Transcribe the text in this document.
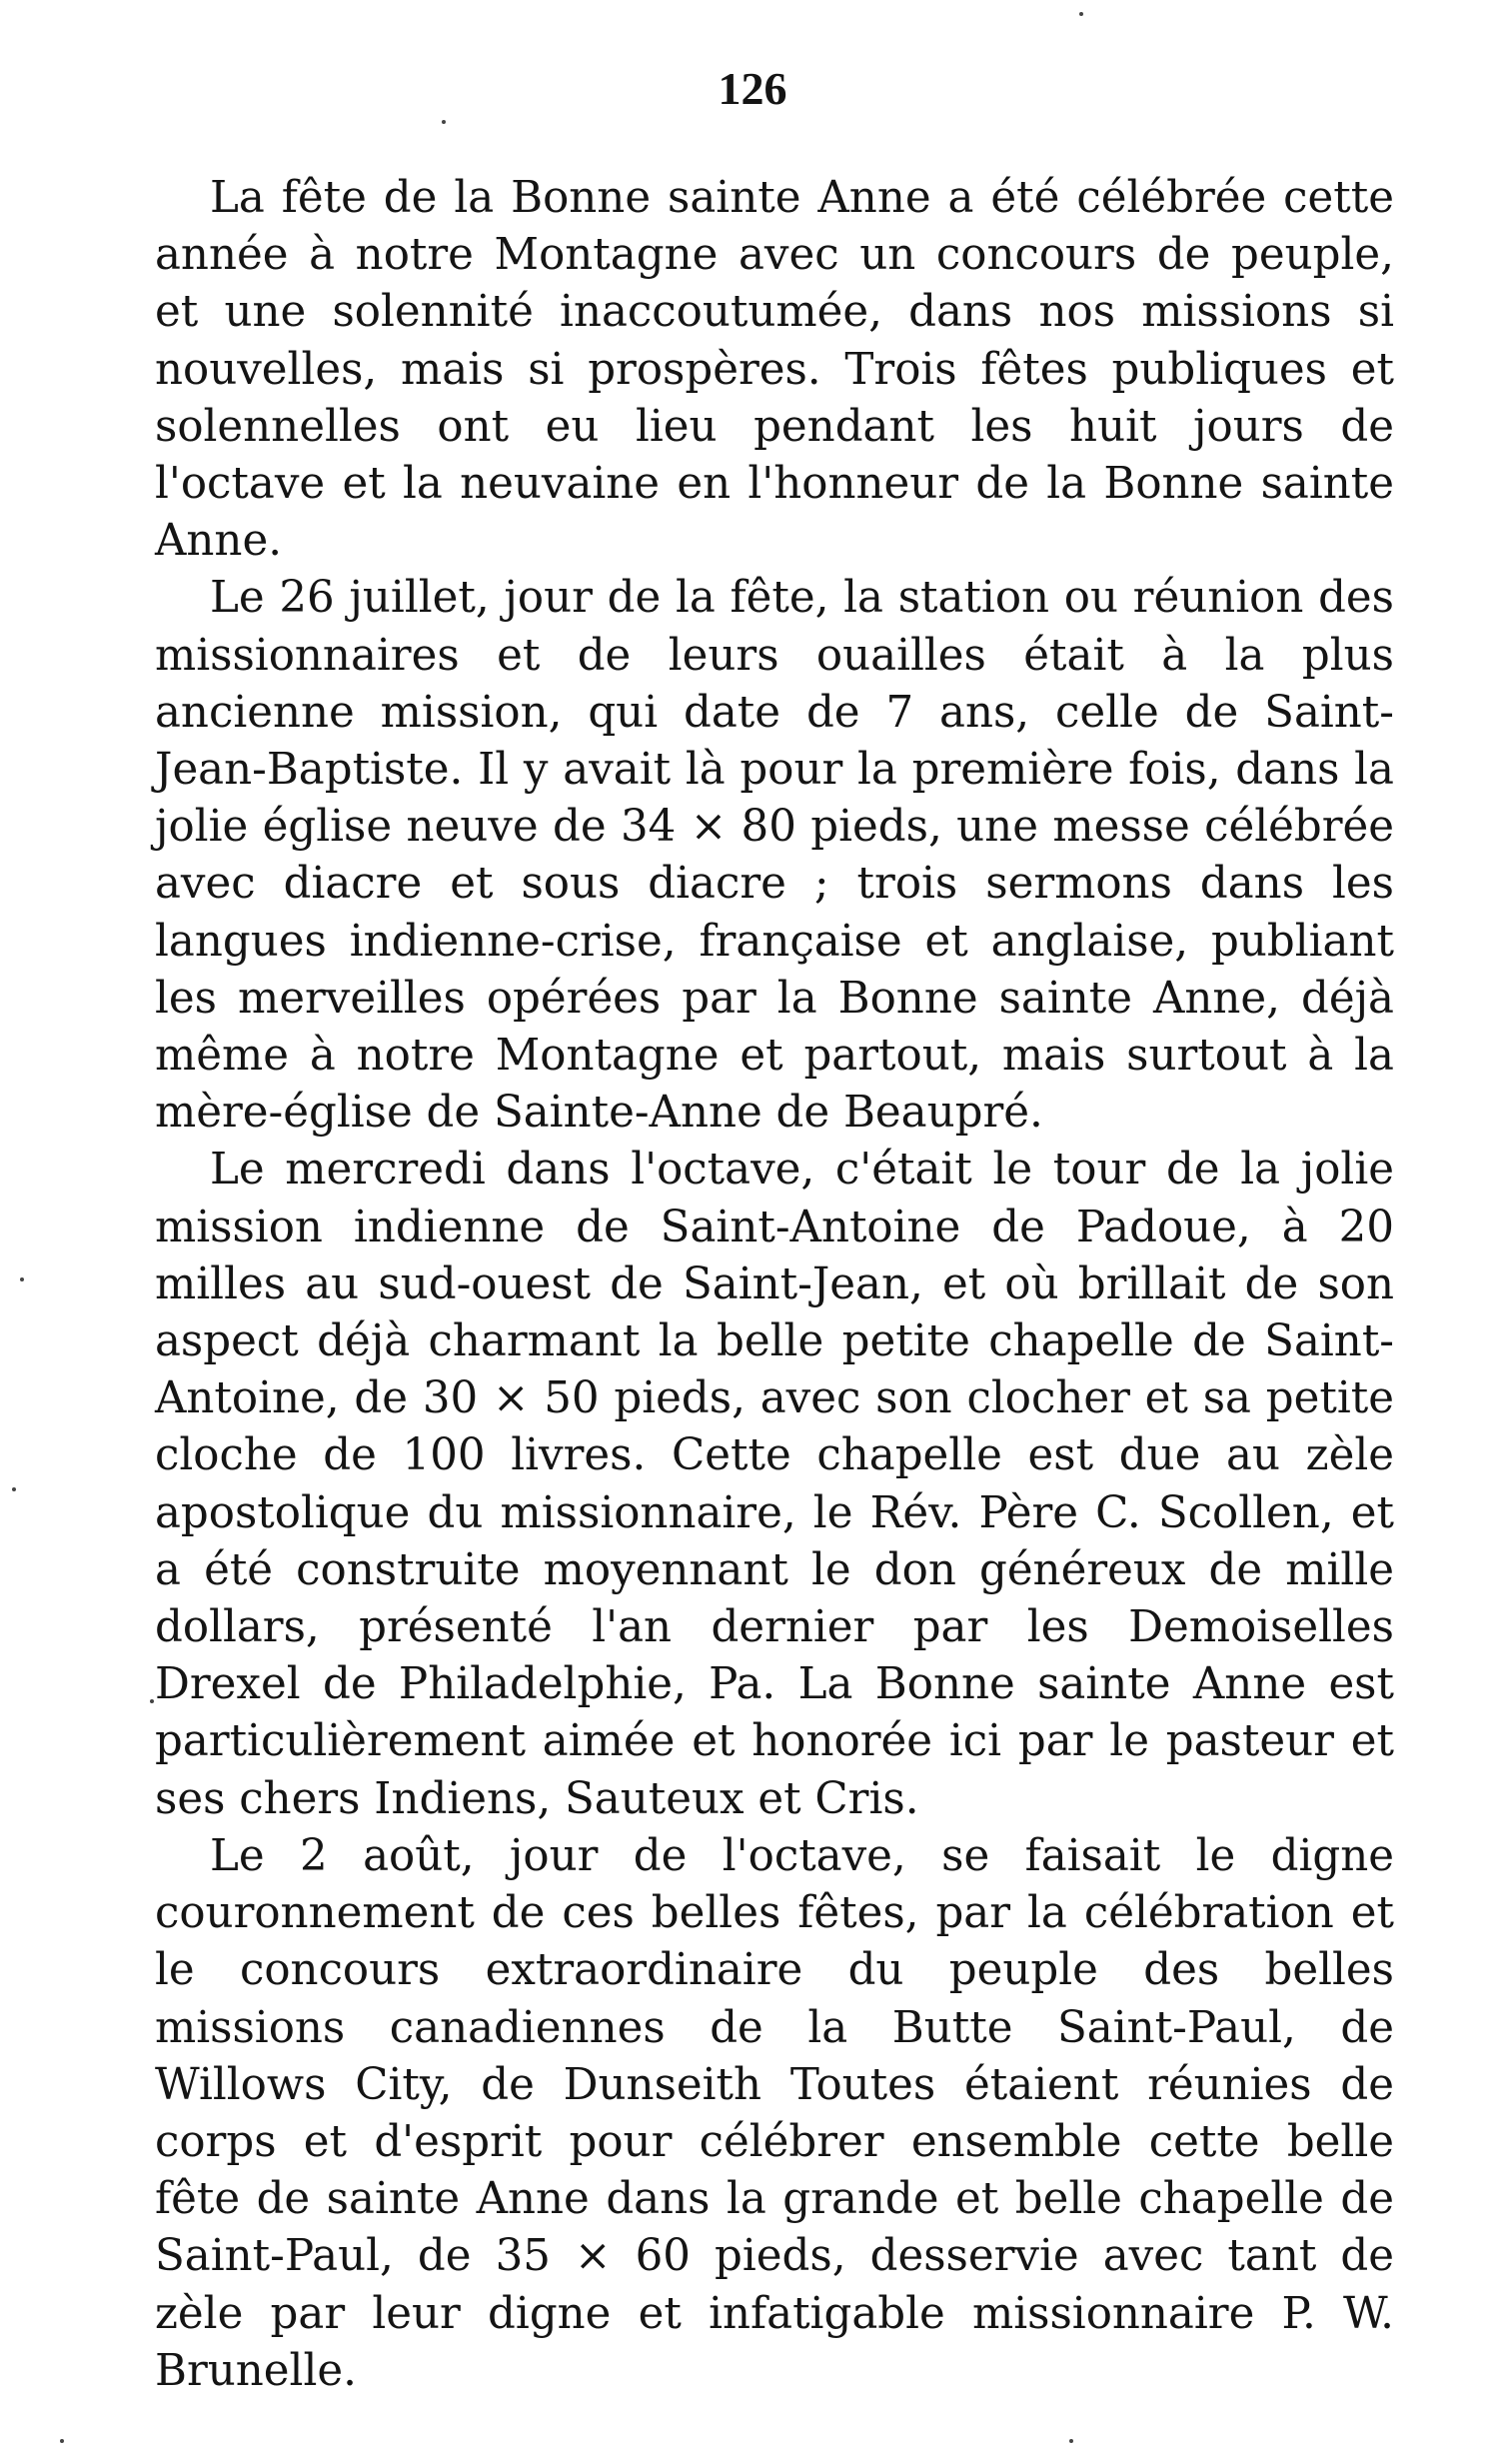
126

La fête de la Bonne sainte Anne a été célébrée cette année à notre Montagne avec un concours de peuple, et une solennité inaccoutumée, dans nos missions si nouvelles, mais si prospères. Trois fêtes publiques et solennelles ont eu lieu pendant les huit jours de l'octave et la neuvaine en l'honneur de la Bonne sainte Anne.

Le 26 juillet, jour de la fête, la station ou réunion des missionnaires et de leurs ouailles était à la plus ancienne mission, qui date de 7 ans, celle de Saint-Jean-Baptiste. Il y avait là pour la première fois, dans la jolie église neuve de 34 × 80 pieds, une messe célébrée avec diacre et sous diacre ; trois sermons dans les langues indienne-crise, française et anglaise, publiant les merveilles opérées par la Bonne sainte Anne, déjà même à notre Montagne et partout, mais surtout à la mère-église de Sainte-Anne de Beaupré.

Le mercredi dans l'octave, c'était le tour de la jolie mission indienne de Saint-Antoine de Padoue, à 20 milles au sud-ouest de Saint-Jean, et où brillait de son aspect déjà charmant la belle petite chapelle de Saint-Antoine, de 30 × 50 pieds, avec son clocher et sa petite cloche de 100 livres. Cette chapelle est due au zèle apostolique du missionnaire, le Rév. Père C. Scollen, et a été construite moyennant le don généreux de mille dollars, présenté l'an dernier par les Demoiselles Drexel de Philadelphie, Pa. La Bonne sainte Anne est particulièrement aimée et honorée ici par le pasteur et ses chers Indiens, Sauteux et Cris.

Le 2 août, jour de l'octave, se faisait le digne couronnement de ces belles fêtes, par la célébration et le concours extraordinaire du peuple des belles missions canadiennes de la Butte Saint-Paul, de Willows City, de Dunseith Toutes étaient réunies de corps et d'esprit pour célébrer ensemble cette belle fête de sainte Anne dans la grande et belle chapelle de Saint-Paul, de 35 × 60 pieds, desservie avec tant de zèle par leur digne et infatigable missionnaire P. W. Brunelle.
